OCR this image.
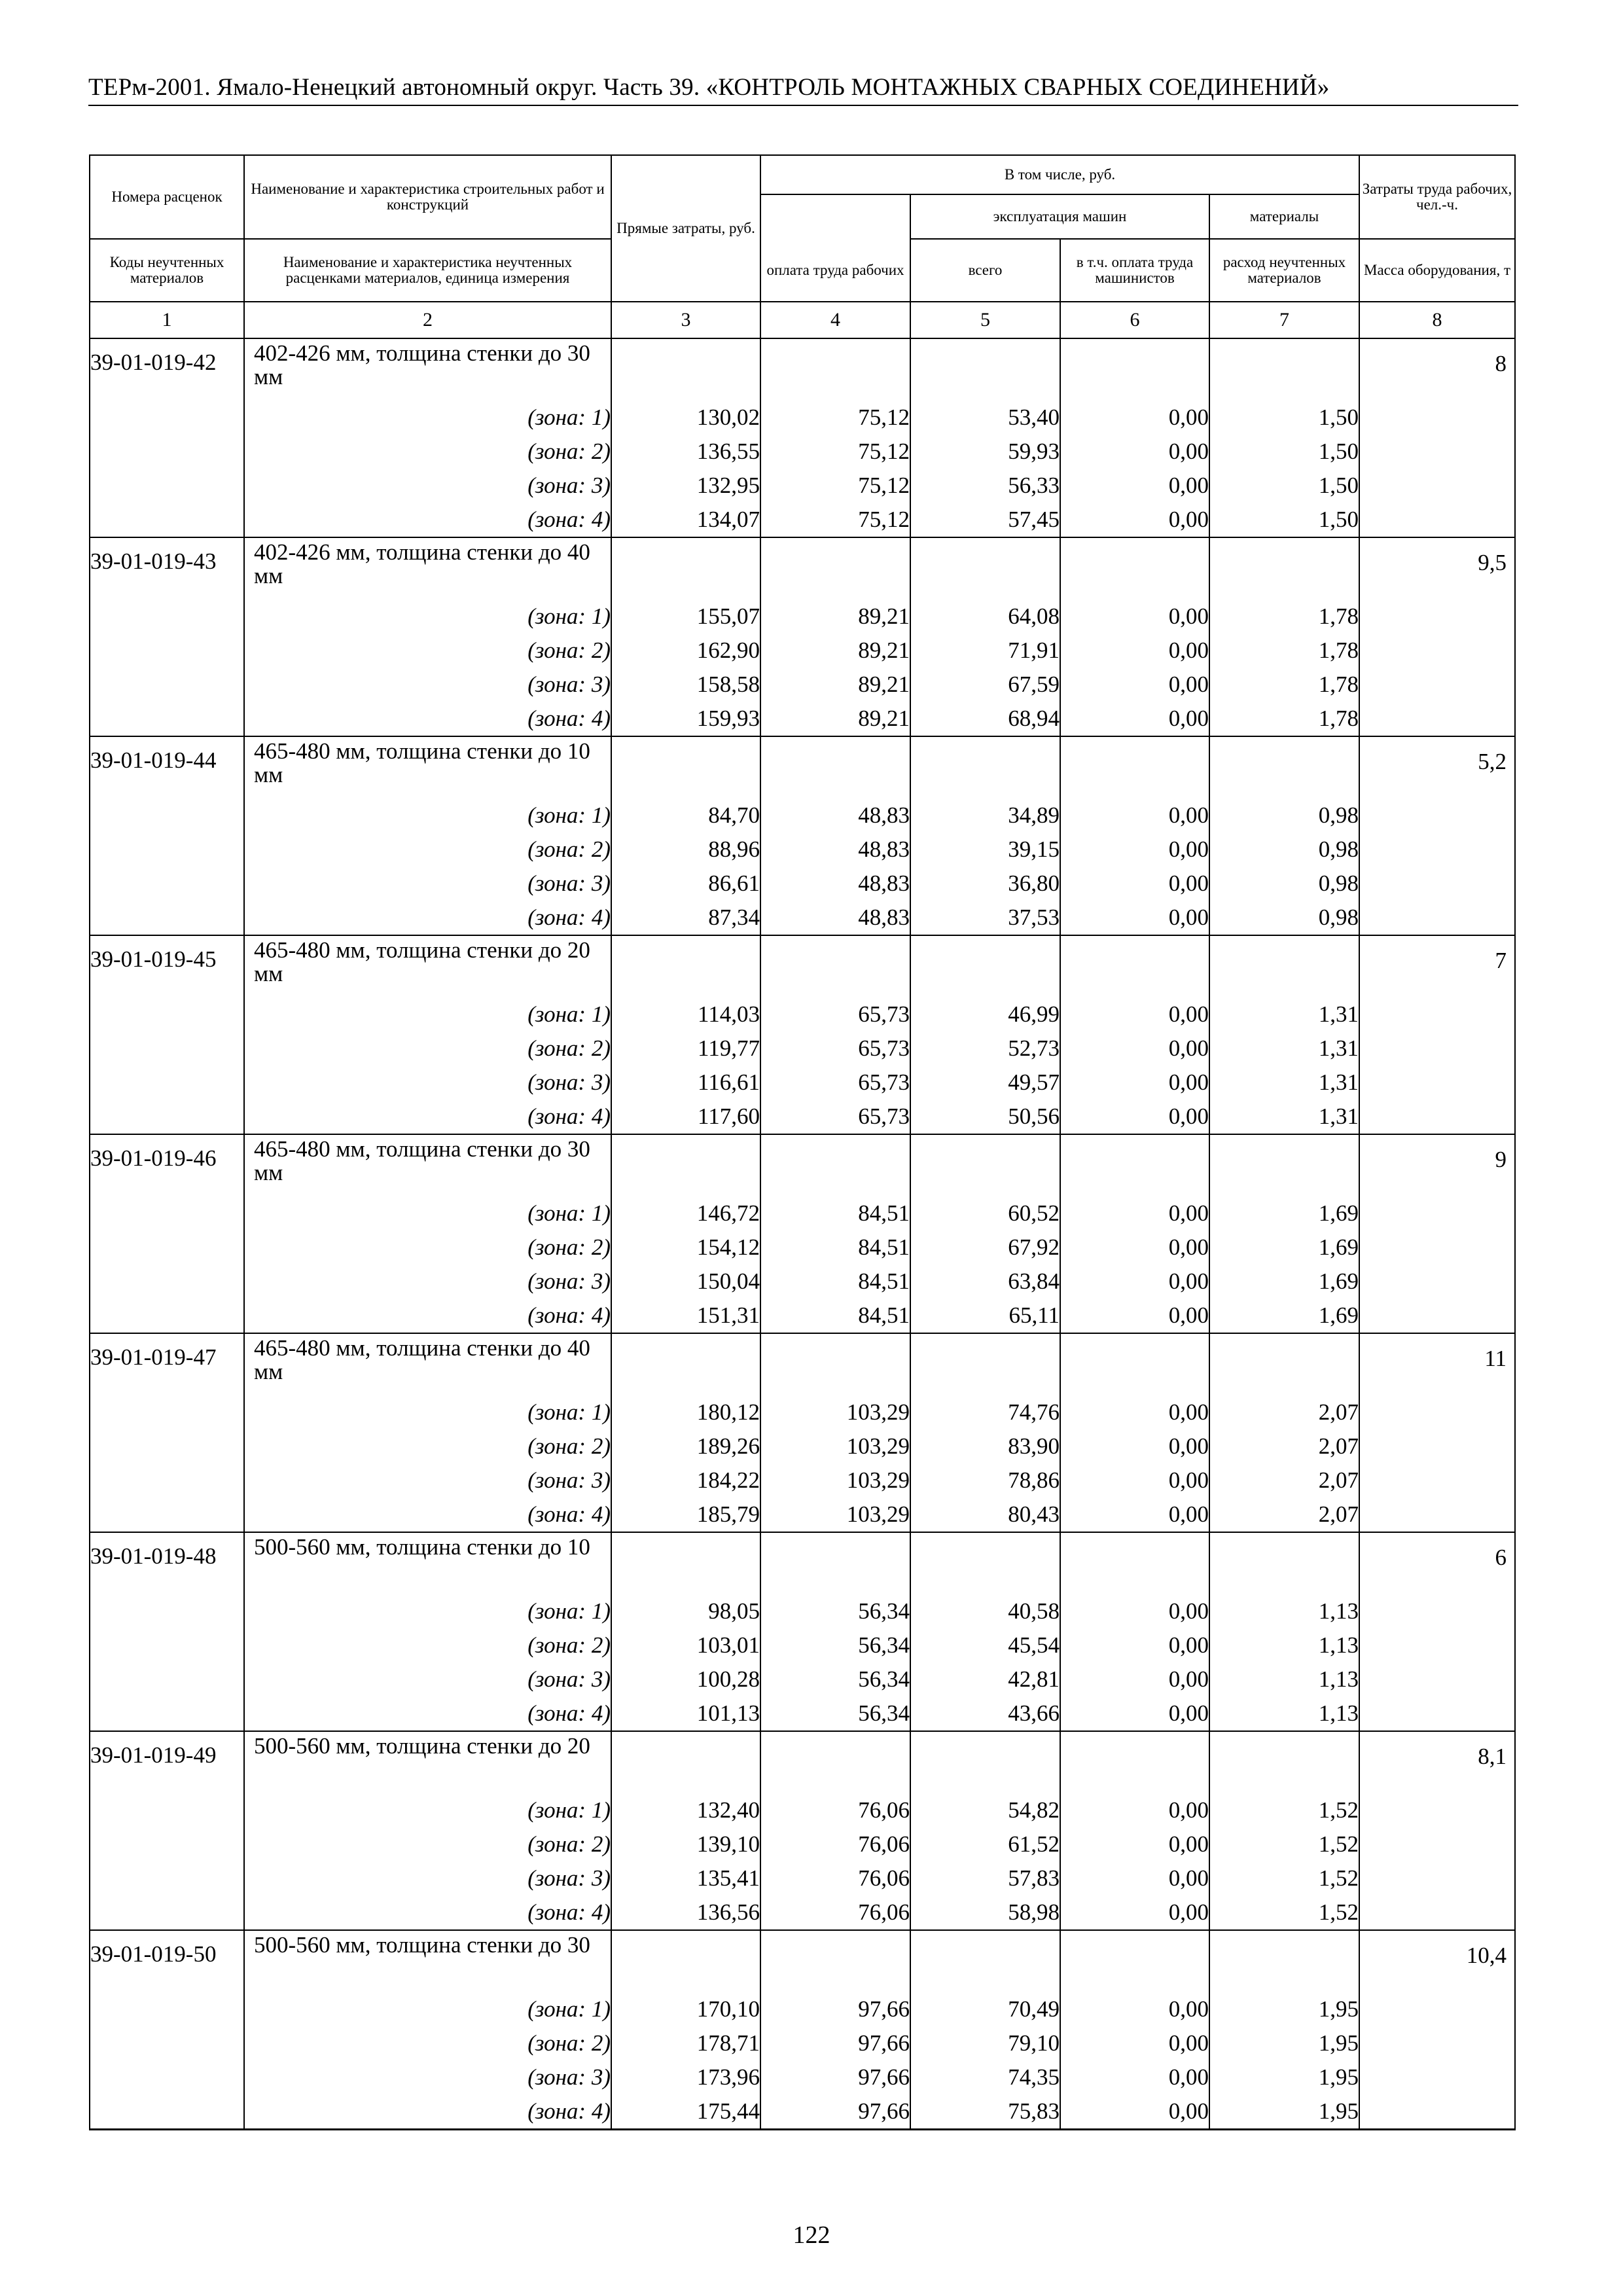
ТЕРм-2001. Ямало-Ненецкий автономный округ. Часть 39. «КОНТРОЛЬ МОНТАЖНЫХ СВАРНЫХ СОЕДИНЕНИЙ»
Номера расценок	Наименование и характеристика строительных работ и конструкций	Прямые затраты, руб.	В том числе, руб.				Затраты труда рабочих, чел.-ч.
				эксплуатация машин		материалы	
Коды неучтенных материалов	Наименование и характеристика неучтенных расценками материалов, единица измерения		оплата труда рабочих	всего	в т.ч. оплата труда машинистов	расход неучтенных материалов	Масса оборудования, т
1	2	3	4	5	6	7	8

39-01-019-42	402-426 мм, толщина стенки до 30 мм						8

	(зона: 1)	130,02	75,12	53,40	0,00	1,50	
	(зона: 2)	136,55	75,12	59,93	0,00	1,50	
	(зона: 3)	132,95	75,12	56,33	0,00	1,50	
	(зона: 4)	134,07	75,12	57,45	0,00	1,50	

39-01-019-43	402-426 мм, толщина стенки до 40 мм						9,5

	(зона: 1)	155,07	89,21	64,08	0,00	1,78	
	(зона: 2)	162,90	89,21	71,91	0,00	1,78	
	(зона: 3)	158,58	89,21	67,59	0,00	1,78	
	(зона: 4)	159,93	89,21	68,94	0,00	1,78	

39-01-019-44	465-480 мм, толщина стенки до 10 мм						5,2

	(зона: 1)	84,70	48,83	34,89	0,00	0,98	
	(зона: 2)	88,96	48,83	39,15	0,00	0,98	
	(зона: 3)	86,61	48,83	36,80	0,00	0,98	
	(зона: 4)	87,34	48,83	37,53	0,00	0,98	

39-01-019-45	465-480 мм, толщина стенки до 20 мм						7

	(зона: 1)	114,03	65,73	46,99	0,00	1,31	
	(зона: 2)	119,77	65,73	52,73	0,00	1,31	
	(зона: 3)	116,61	65,73	49,57	0,00	1,31	
	(зона: 4)	117,60	65,73	50,56	0,00	1,31	

39-01-019-46	465-480 мм, толщина стенки до 30 мм						9

	(зона: 1)	146,72	84,51	60,52	0,00	1,69	
	(зона: 2)	154,12	84,51	67,92	0,00	1,69	
	(зона: 3)	150,04	84,51	63,84	0,00	1,69	
	(зона: 4)	151,31	84,51	65,11	0,00	1,69	

39-01-019-47	465-480 мм, толщина стенки до 40 мм						11

	(зона: 1)	180,12	103,29	74,76	0,00	2,07	
	(зона: 2)	189,26	103,29	83,90	0,00	2,07	
	(зона: 3)	184,22	103,29	78,86	0,00	2,07	
	(зона: 4)	185,79	103,29	80,43	0,00	2,07	

39-01-019-48	500-560 мм, толщина стенки до 10						6

	(зона: 1)	98,05	56,34	40,58	0,00	1,13	
	(зона: 2)	103,01	56,34	45,54	0,00	1,13	
	(зона: 3)	100,28	56,34	42,81	0,00	1,13	
	(зона: 4)	101,13	56,34	43,66	0,00	1,13	

39-01-019-49	500-560 мм, толщина стенки до 20						8,1

	(зона: 1)	132,40	76,06	54,82	0,00	1,52	
	(зона: 2)	139,10	76,06	61,52	0,00	1,52	
	(зона: 3)	135,41	76,06	57,83	0,00	1,52	
	(зона: 4)	136,56	76,06	58,98	0,00	1,52	

39-01-019-50	500-560 мм, толщина стенки до 30						10,4

	(зона: 1)	170,10	97,66	70,49	0,00	1,95	
	(зона: 2)	178,71	97,66	79,10	0,00	1,95	
	(зона: 3)	173,96	97,66	74,35	0,00	1,95	
	(зона: 4)	175,44	97,66	75,83	0,00	1,95	
122
